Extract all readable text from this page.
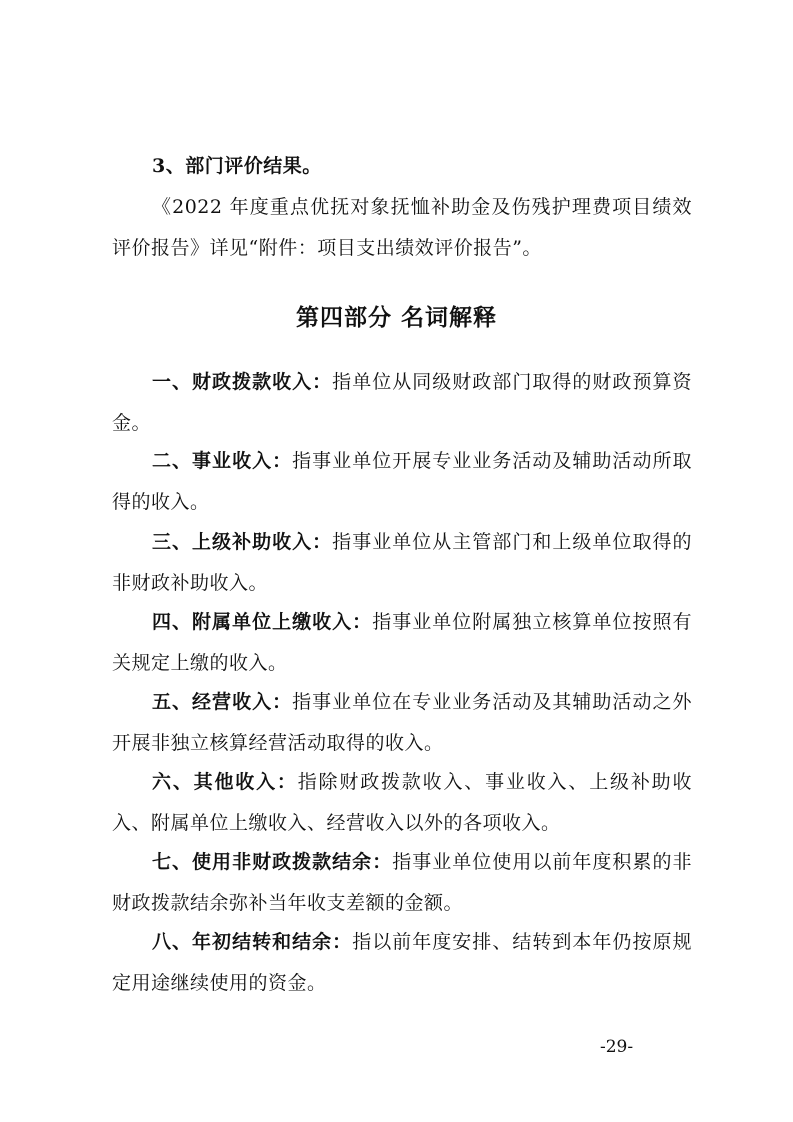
3、部门评价结果。

《2022 年度重点优抚对象抚恤补助金及伤残护理费项目绩效评价报告》详见“附件：项目支出绩效评价报告”。

第四部分 名词解释

一、财政拨款收入：指单位从同级财政部门取得的财政预算资金。

二、事业收入：指事业单位开展专业业务活动及辅助活动所取得的收入。

三、上级补助收入：指事业单位从主管部门和上级单位取得的非财政补助收入。

四、附属单位上缴收入：指事业单位附属独立核算单位按照有关规定上缴的收入。

五、经营收入：指事业单位在专业业务活动及其辅助活动之外开展非独立核算经营活动取得的收入。

六、其他收入：指除财政拨款收入、事业收入、上级补助收入、附属单位上缴收入、经营收入以外的各项收入。

七、使用非财政拨款结余：指事业单位使用以前年度积累的非财政拨款结余弥补当年收支差额的金额。

八、年初结转和结余：指以前年度安排、结转到本年仍按原规定用途继续使用的资金。

-29-
